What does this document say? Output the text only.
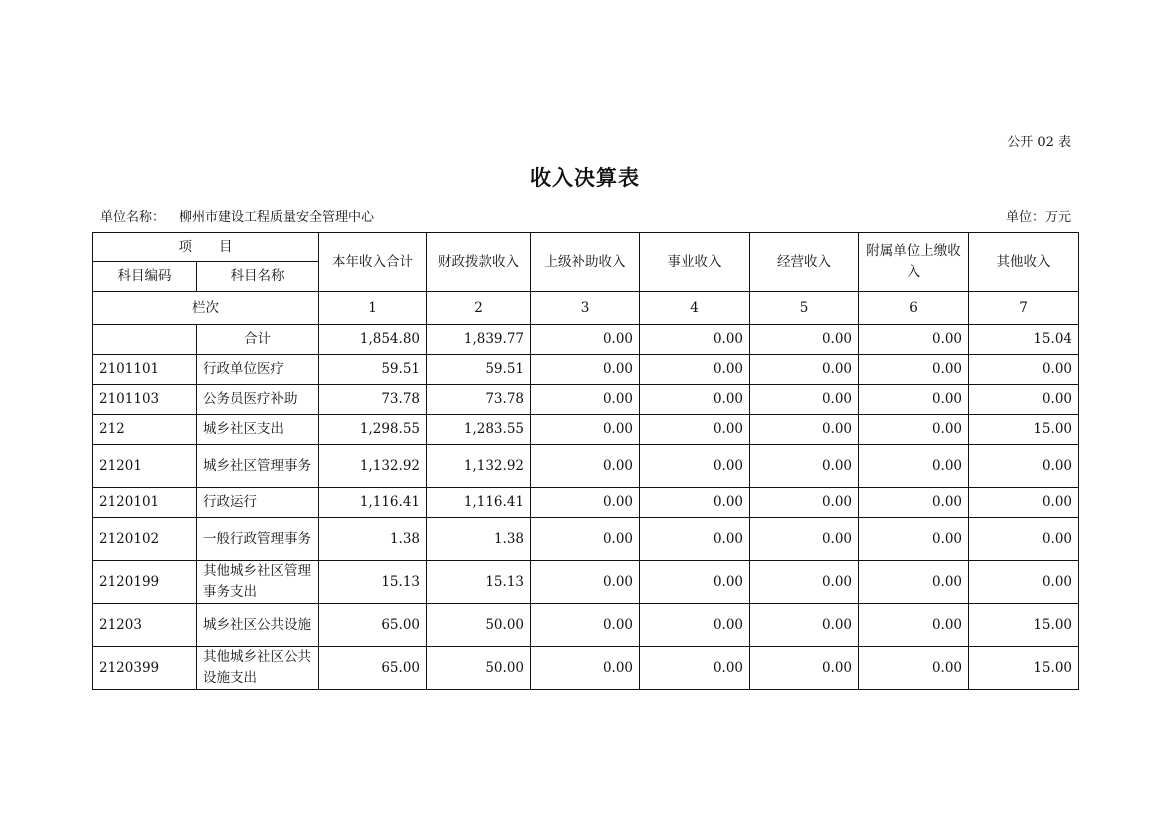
公开 02 表
收入决算表
单位名称： 柳州市建设工程质量安全管理中心	单位：万元
项　　目		本年收入合计	财政拨款收入	上级补助收入	事业收入	经营收入	附属单位上缴收入	其他收入
科目编码	科目名称							
栏次		1	2	3	4	5	6	7
	合计	1,854.80	1,839.77	0.00	0.00	0.00	0.00	15.04
2101101	行政单位医疗	59.51	59.51	0.00	0.00	0.00	0.00	0.00
2101103	公务员医疗补助	73.78	73.78	0.00	0.00	0.00	0.00	0.00
212	城乡社区支出	1,298.55	1,283.55	0.00	0.00	0.00	0.00	15.00
21201	城乡社区管理事务	1,132.92	1,132.92	0.00	0.00	0.00	0.00	0.00
2120101	行政运行	1,116.41	1,116.41	0.00	0.00	0.00	0.00	0.00
2120102	一般行政管理事务	1.38	1.38	0.00	0.00	0.00	0.00	0.00
2120199	其他城乡社区管理事务支出	15.13	15.13	0.00	0.00	0.00	0.00	0.00
21203	城乡社区公共设施	65.00	50.00	0.00	0.00	0.00	0.00	15.00
2120399	其他城乡社区公共设施支出	65.00	50.00	0.00	0.00	0.00	0.00	15.00
